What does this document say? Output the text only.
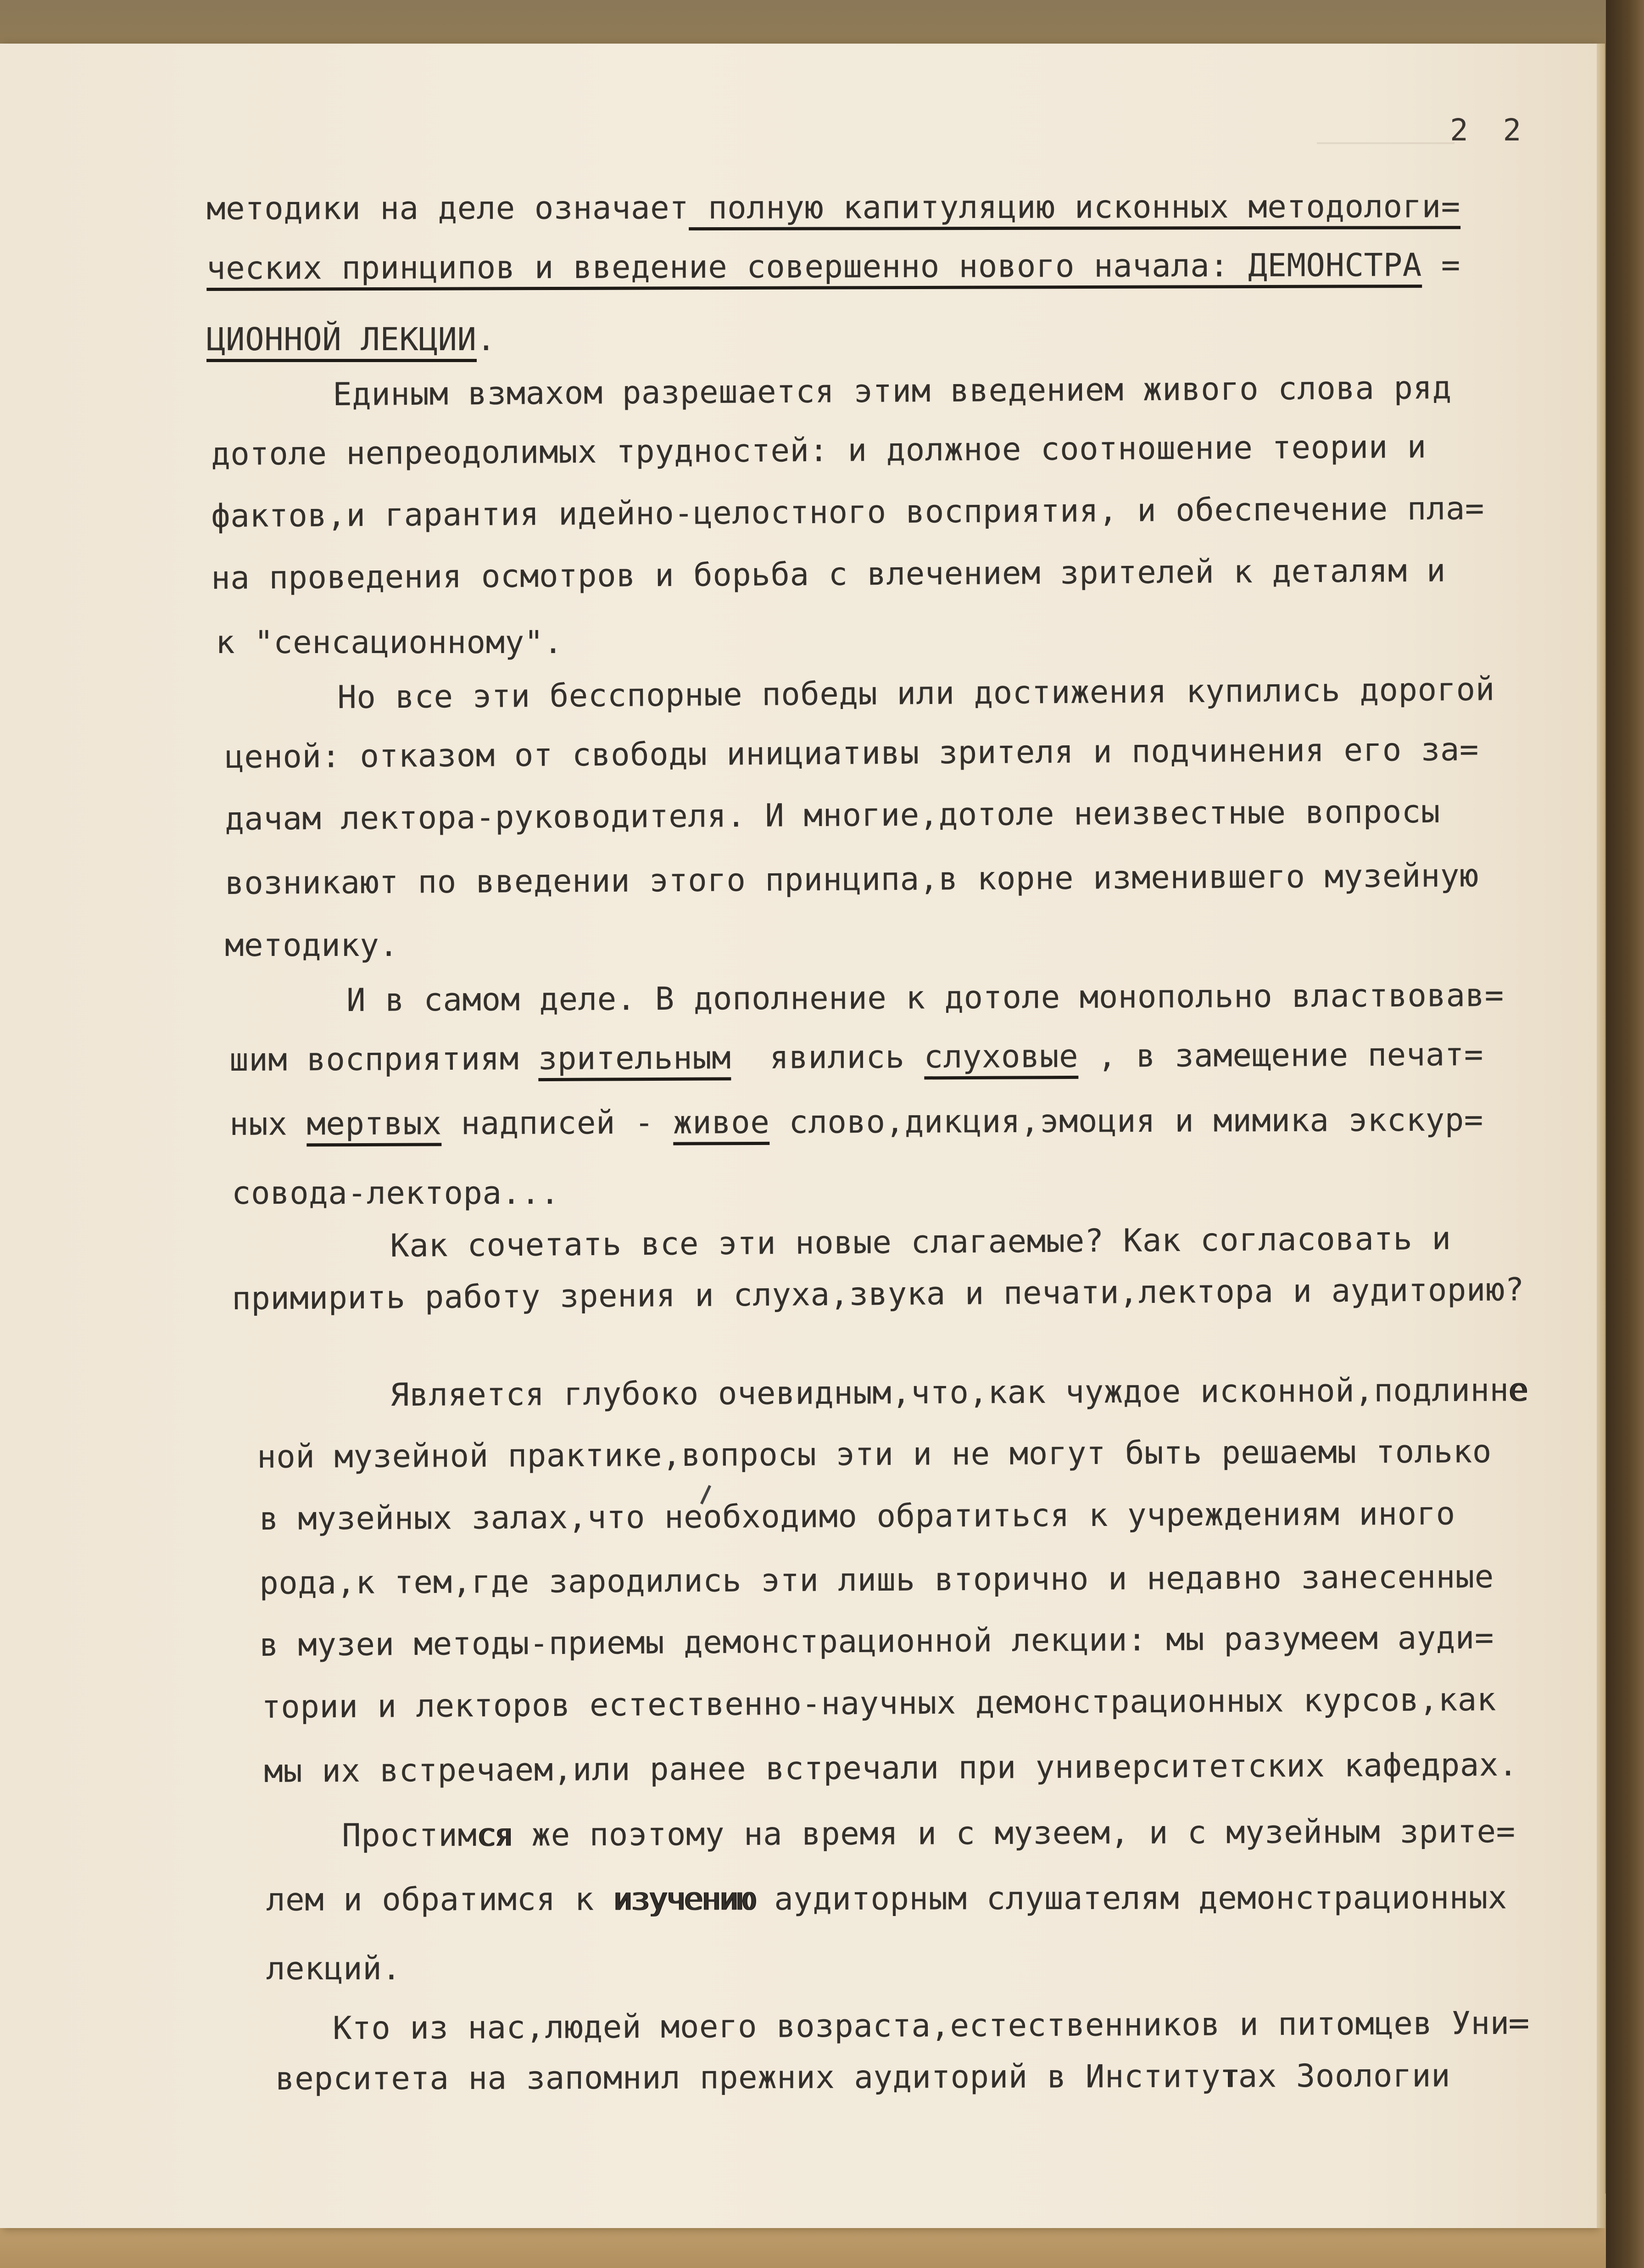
2 2
методики на деле означает полную капитуляцию исконных методологи=
ческих принципов и введение совершенно нового начала: ДЕМОНСТРА =
ЦИОННОЙ ЛЕКЦИИ.
Единым взмахом разрешается этим введением живого слова ряд
дотоле непреодолимых трудностей: и должное соотношение теории и
фактов,и гарантия идейно-целостного восприятия, и обеспечение пла=
на проведения осмотров и борьба с влечением зрителей к деталям и
к "сенсационному".
Но все эти бесспорные победы или достижения купились дорогой
ценой: отказом от свободы инициативы зрителя и подчинения его за=
дачам лектора-руководителя. И многие,дотоле неизвестные вопросы
возникают по введении этого принципа,в корне изменившего музейную
методику.
И в самом деле. В дополнение к дотоле монопольно властвовав=
шим восприятиям зрительным  явились слуховые , в замещение печат=
ных мертвых надписей - живое слово,дикция,эмоция и мимика экскур=
совода-лектора...
Как сочетать все эти новые слагаемые? Как согласовать и
примирить работу зрения и слуха,звука и печати,лектора и аудиторию?
Является глубоко очевидным,что,как чуждое исконной,подлинне
ной музейной практике,вопросы эти и не могут быть решаемы только
в музейных залах,что необходимо обратиться к учреждениям иного
рода,к тем,где зародились эти лишь вторично и недавно занесенные
в музеи методы-приемы демонстрационной лекции: мы разумеем ауди=
тории и лекторов естественно-научных демонстрационных курсов,как
мы их встречаем,или ранее встречали при университетских кафедрах.
Простимся же поэтому на время и с музеем, и с музейным зрите=
лем и обратимся к изучению аудиторным слушателям демонстрационных
лекций.
Кто из нас,людей моего возраста,естественников и питомцев Уни=
верситета на запомнил прежних аудиторий в Институтах Зоологии
